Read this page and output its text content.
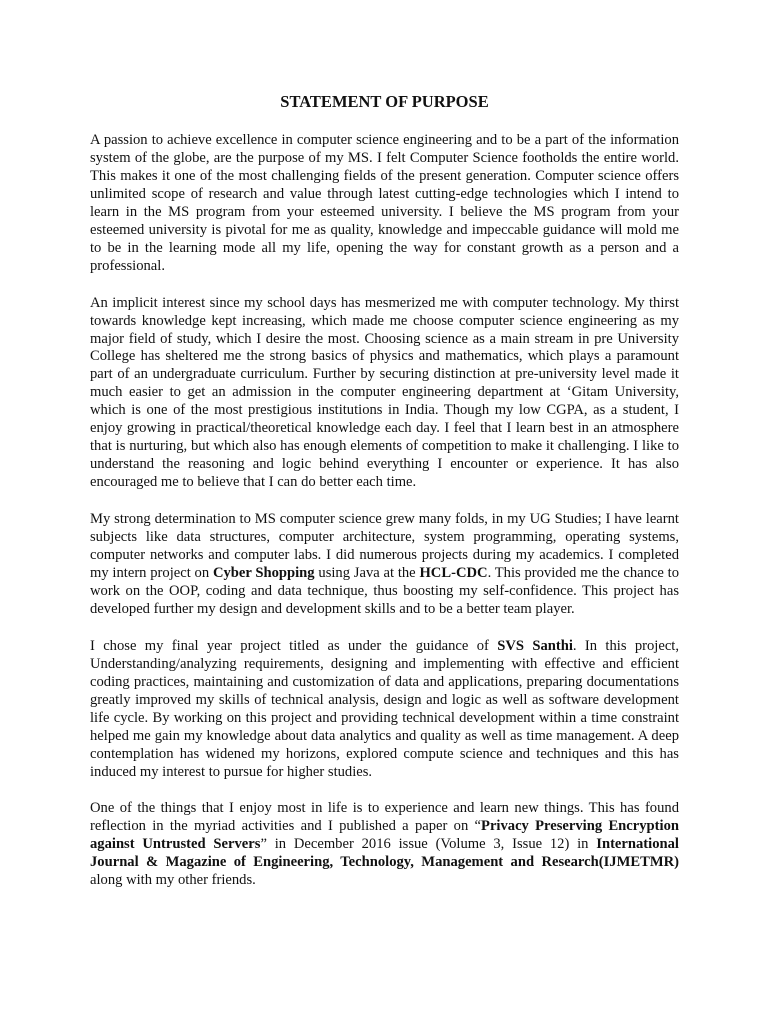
STATEMENT OF PURPOSE

A passion to achieve excellence in computer science engineering and to be a part of the information system of the globe, are the purpose of my MS. I felt Computer Science footholds the entire world. This makes it one of the most challenging fields of the present generation. Computer science offers unlimited scope of research and value through latest cutting-edge technologies which I intend to learn in the MS program from your esteemed university. I believe the MS program from your esteemed university is pivotal for me as quality, knowledge and impeccable guidance will mold me to be in the learning mode all my life, opening the way for constant growth as a person and a professional.

An implicit interest since my school days has mesmerized me with computer technology. My thirst towards knowledge kept increasing, which made me choose computer science engineering as my major field of study, which I desire the most. Choosing science as a main stream in pre University College has sheltered me the strong basics of physics and mathematics, which plays a paramount part of an undergraduate curriculum. Further by securing distinction at pre-university level made it much easier to get an admission in the computer engineering department at ‘Gitam University, which is one of the most prestigious institutions in India. Though my low CGPA, as a student, I enjoy growing in practical/theoretical knowledge each day. I feel that I learn best in an atmosphere that is nurturing, but which also has enough elements of competition to make it challenging. I like to understand the reasoning and logic behind everything I encounter or experience. It has also encouraged me to believe that I can do better each time.

My strong determination to MS computer science grew many folds, in my UG Studies; I have learnt subjects like data structures, computer architecture, system programming, operating systems, computer networks and computer labs. I did numerous projects during my academics. I completed my intern project on Cyber Shopping using Java at the HCL-CDC. This provided me the chance to work on the OOP, coding and data technique, thus boosting my self-confidence. This project has developed further my design and development skills and to be a better team player.

I chose my final year project titled as under the guidance of SVS Santhi. In this project, Understanding/analyzing requirements, designing and implementing with effective and efficient coding practices, maintaining and customization of data and applications, preparing documentations greatly improved my skills of technical analysis, design and logic as well as software development life cycle. By working on this project and providing technical development within a time constraint helped me gain my knowledge about data analytics and quality as well as time management. A deep contemplation has widened my horizons, explored compute science and techniques and this has induced my interest to pursue for higher studies.

One of the things that I enjoy most in life is to experience and learn new things. This has found reflection in the myriad activities and I published a paper on “Privacy Preserving Encryption against Untrusted Servers” in December 2016 issue (Volume 3, Issue 12) in International Journal & Magazine of Engineering, Technology, Management and Research(IJMETMR) along with my other friends.
